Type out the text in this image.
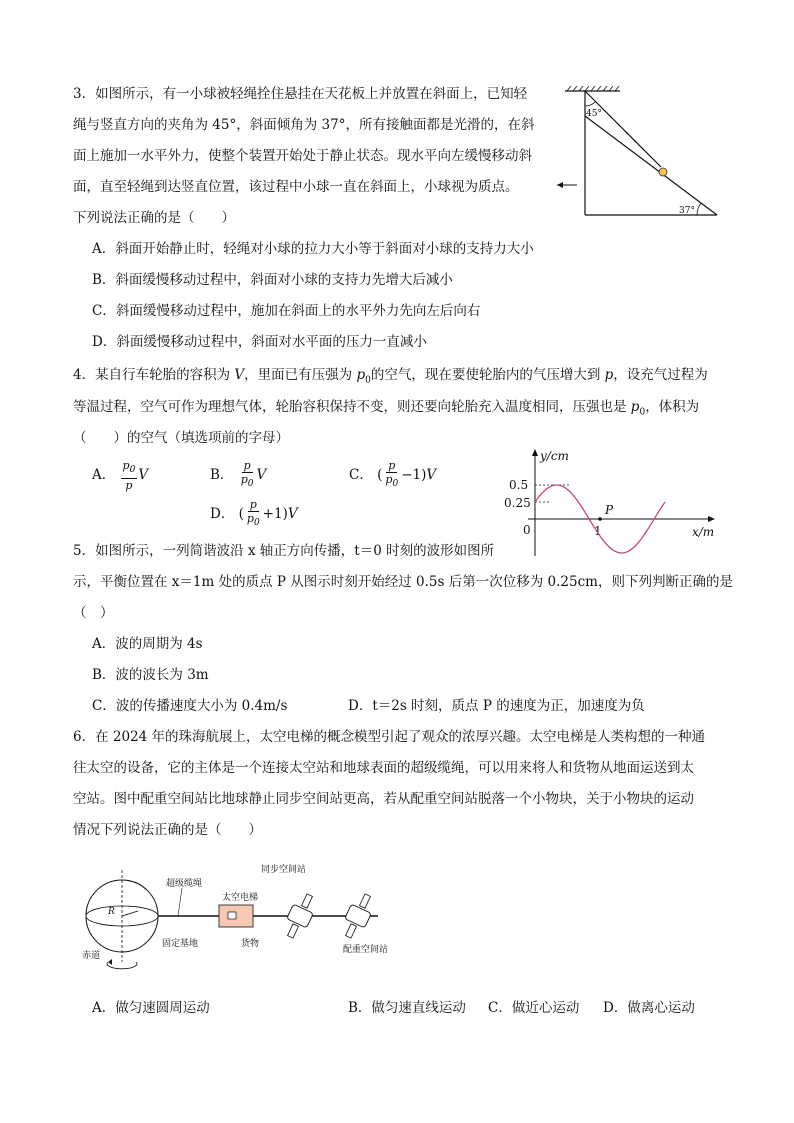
3．如图所示，有一小球被轻绳拴住悬挂在天花板上并放置在斜面上，已知轻
绳与竖直方向的夹角为 45°，斜面倾角为 37°，所有接触面都是光滑的，在斜
面上施加一水平外力，使整个装置开始处于静止状态。现水平向左缓慢移动斜
面，直至轻绳到达竖直位置，该过程中小球一直在斜面上，小球视为质点。
下列说法正确的是（　　）
A．斜面开始静止时，轻绳对小球的拉力大小等于斜面对小球的支持力大小
B．斜面缓慢移动过程中，斜面对小球的支持力先增大后减小
C．斜面缓慢移动过程中，施加在斜面上的水平外力先向左后向右
D．斜面缓慢移动过程中，斜面对水平面的压力一直减小
45°
37°
4．某自行车轮胎的容积为 V，里面已有压强为 $p_0$的空气，现在要使轮胎内的气压增大到 p，设充气过程为
等温过程，空气可作为理想气体，轮胎容积保持不变，则还要向轮胎充入温度相同，压强也是 $p_0$，体积为
（　　）的空气（填选项前的字母）
A． $\frac{p_0}{p}$ V	B． $\frac{p}{p_0}$ V	C． ( $\frac{p}{p_0} -1)V$
D． ( $\frac{p}{p_0} +1)V$
y/cm
x/m
0.5
0.25
0	1
P
5．如图所示，一列简谐波沿 x 轴正方向传播，t＝0 时刻的波形如图所
示，平衡位置在 x＝1m 处的质点 P 从图示时刻开始经过 0.5s 后第一次位移为 0.25cm，则下列判断正确的是
（　）
A．波的周期为 4s
B．波的波长为 3m
C．波的传播速度大小为 0.4m/s	D．t＝2s 时刻，质点 P 的速度为正，加速度为负
6．在 2024 年的珠海航展上，太空电梯的概念模型引起了观众的浓厚兴趣。太空电梯是人类构想的一种通
往太空的设备，它的主体是一个连接太空站和地球表面的超级缆绳，可以用来将人和货物从地面运送到太
空站。图中配重空间站比地球静止同步空间站更高，若从配重空间站脱落一个小物块，关于小物块的运动
情况下列说法正确的是（　　）
R
超级缆绳
同步空间站
太空电梯
固定基地	货物
配重空间站
赤道
A．做匀速圆周运动	B．做匀速直线运动 C．做近心运动 D．做离心运动
